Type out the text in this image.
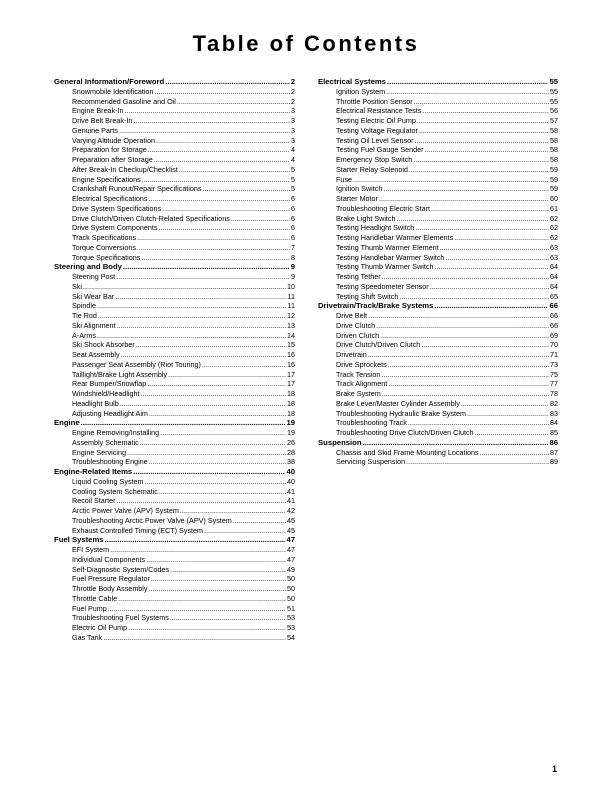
Table of Contents
General Information/Foreword .....	2
Snowmobile Identification .....	2
Recommended Gasoline and Oil .....	2
Engine Break-In .....	3
Drive Belt Break-In .....	3
Genuine Parts .....	3
Varying Altitude Operation .....	3
Preparation for Storage .....	4
Preparation after Storage .....	4
After Break-In Checkup/Checklist .....	5
Engine Specifications .....	5
Crankshaft Runout/Repair Specifications .....	5
Electrical Specifications .....	6
Drive System Specifications .....	6
Drive Clutch/Driven Clutch-Related Specifications .....	6
Drive System Components .....	6
Track Specifications .....	6
Torque Conversions .....	7
Torque Specifications .....	8
Steering and Body .....	9
Steering Post .....	9
Ski .....	10
Ski Wear Bar .....	11
Spindle .....	11
Tie Rod .....	12
Ski Alignment .....	13
A-Arms .....	14
Ski Shock Absorber .....	15
Seat Assembly .....	16
Passenger Seat Assembly (Riot Touring) .....	16
Taillight/Brake Light Assembly .....	17
Rear Bumper/Snowflap .....	17
Windshield/Headlight .....	18
Headlight Bulb .....	18
Adjusting Headlight Aim .....	18
Engine .....	19
Engine Removing/Installing .....	19
Assembly Schematic .....	26
Engine Servicing .....	28
Troubleshooting Engine .....	38
Engine-Related Items .....	40
Liquid Cooling System .....	40
Cooling System Schematic .....	41
Recoil Starter .....	41
Arctic Power Valve (APV) System .....	42
Troubleshooting Arctic Power Valve (APV) System .....	45
Exhaust Controlled Timing (ECT) System .....	45
Fuel Systems .....	47
EFI System .....	47
Individual Components .....	47
Self-Diagnostic System/Codes .....	49
Fuel Pressure Regulator .....	50
Throttle Body Assembly .....	50
Throttle Cable .....	50
Fuel Pump .....	51
Troubleshooting Fuel Systems .....	53
Electric Oil Pump .....	53
Gas Tank .....	54
Electrical Systems .....	55
Ignition System .....	55
Throttle Position Sensor .....	55
Electrical Resistance Tests .....	56
Testing Electric Oil Pump .....	57
Testing Voltage Regulator .....	58
Testing Oil Level Sensor .....	58
Testing Fuel Gauge Sender .....	58
Emergency Stop Switch .....	58
Starter Relay Solenoid .....	59
Fuse .....	59
Ignition Switch .....	59
Starter Motor .....	60
Troubleshooting Electric Start .....	61
Brake Light Switch .....	62
Testing Headlight Switch .....	62
Testing Handlebar Warmer Elements .....	62
Testing Thumb Warmer Element .....	63
Testing Handlebar Warmer Switch .....	63
Testing Thumb Warmer Switch .....	64
Testing Tether .....	64
Testing Speedometer Sensor .....	64
Testing Shift Switch .....	65
Drivetrain/Track/Brake Systems .....	66
Drive Belt .....	66
Drive Clutch .....	66
Driven Clutch .....	69
Drive Clutch/Driven Clutch .....	70
Drivetrain .....	71
Drive Sprockets .....	73
Track Tension .....	75
Track Alignment .....	77
Brake System .....	78
Brake Lever/Master Cylinder Assembly .....	82
Troubleshooting Hydraulic Brake System .....	83
Troubleshooting Track .....	84
Troubleshooting Drive Clutch/Driven Clutch .....	85
Suspension .....	86
Chassis and Skid Frame Mounting Locations .....	87
Servicing Suspension .....	89
1
